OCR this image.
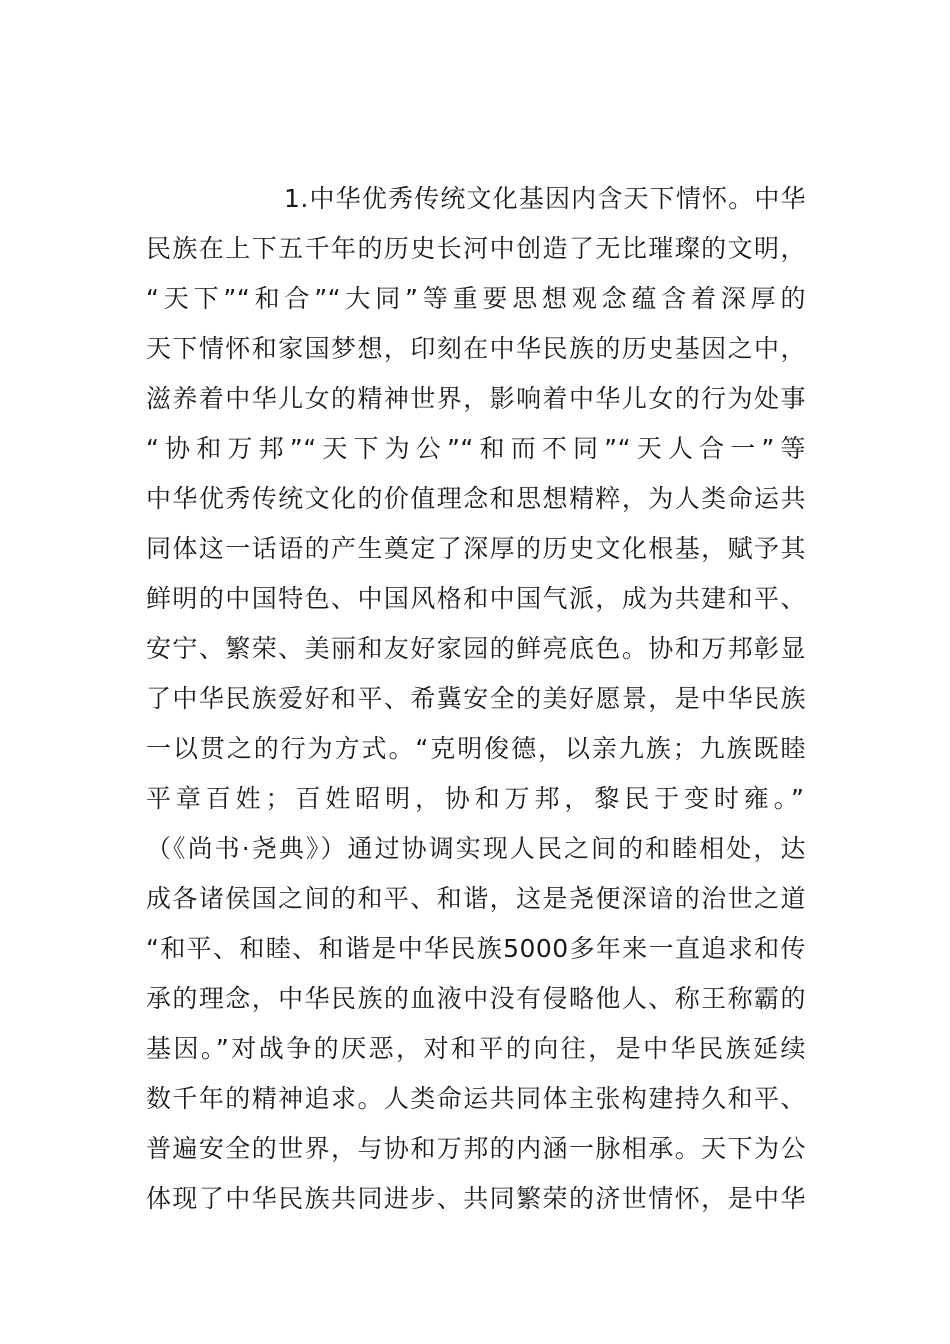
1.中华优秀传统文化基因内含天下情怀。中华
民族在上下五千年的历史长河中创造了无比璀璨的文明，
“天下”“和合”“大同”等重要思想观念蕴含着深厚的
天下情怀和家国梦想，印刻在中华民族的历史基因之中，
滋养着中华儿女的精神世界，影响着中华儿女的行为处事
“协和万邦”“天下为公”“和而不同”“天人合一”等
中华优秀传统文化的价值理念和思想精粹，为人类命运共
同体这一话语的产生奠定了深厚的历史文化根基，赋予其
鲜明的中国特色、中国风格和中国气派，成为共建和平、
安宁、繁荣、美丽和友好家园的鲜亮底色。协和万邦彰显
了中华民族爱好和平、希冀安全的美好愿景，是中华民族
一以贯之的行为方式。“克明俊德，以亲九族；九族既睦
平章百姓；百姓昭明，协和万邦，黎民于变时雍。”
（《尚书·尧典》）通过协调实现人民之间的和睦相处，达
成各诸侯国之间的和平、和谐，这是尧便深谙的治世之道
“和平、和睦、和谐是中华民族5000多年来一直追求和传
承的理念，中华民族的血液中没有侵略他人、称王称霸的
基因。”对战争的厌恶，对和平的向往，是中华民族延续
数千年的精神追求。人类命运共同体主张构建持久和平、
普遍安全的世界，与协和万邦的内涵一脉相承。天下为公
体现了中华民族共同进步、共同繁荣的济世情怀，是中华
